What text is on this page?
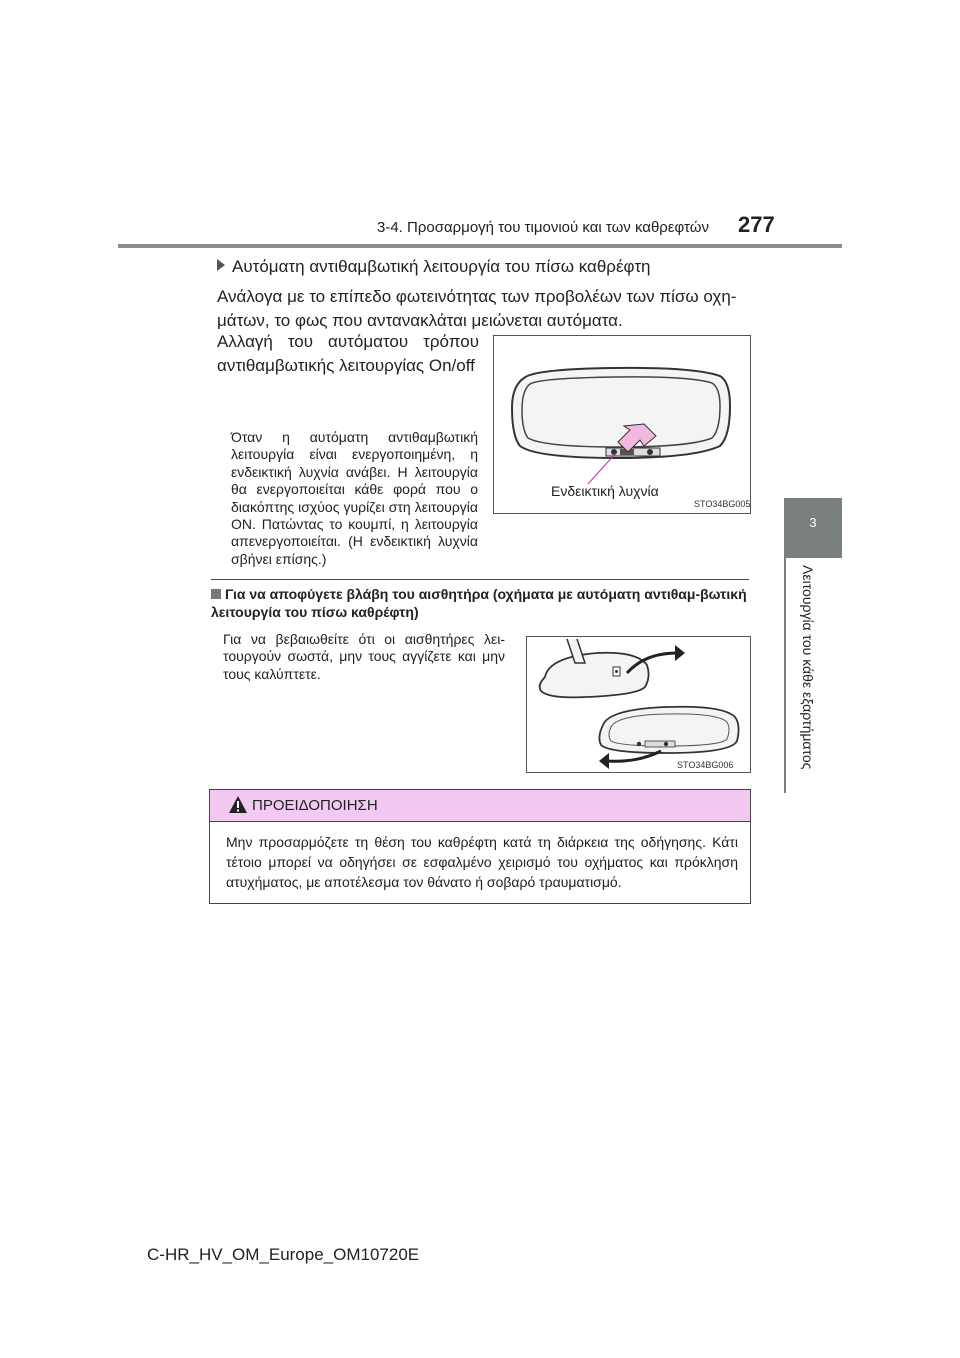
3-4. Προσαρμογή του τιμονιού και των καθρεφτών 277
3
Λειτουργία του κάθε εξαρτήματος
Αυτόματη αντιθαμβωτική λειτουργία του πίσω καθρέφτη
Ανάλογα με το επίπεδο φωτεινότητας των προβολέων των πίσω οχη-μάτων, το φως που αντανακλάται μειώνεται αυτόματα.
Αλλαγή του αυτόματου τρόπου αντιθαμβωτικής λειτουργίας On/off
Όταν η αυτόματη αντιθαμβωτική λειτουργία είναι ενεργοποιημένη, η ενδεικτική λυχνία ανάβει. Η λειτουργία θα ενεργοποιείται κάθε φορά που ο διακόπτης ισχύος γυρίζει στη λειτουργία ON. Πατώντας το κουμπί, η λειτουργία απενεργοποιείται. (Η ενδεικτική λυχνία σβήνει επίσης.)
Ενδεικτική λυχνία
STO34BG005
Για να αποφύγετε βλάβη του αισθητήρα (οχήματα με αυτόματη αντιθαμ-βωτική λειτουργία του πίσω καθρέφτη)
Για να βεβαιωθείτε ότι οι αισθητήρες λει-τουργούν σωστά, μην τους αγγίζετε και μην τους καλύπτετε.
STO34BG006
ΠΡΟΕΙΔΟΠΟΙΗΣΗ
Μην προσαρμόζετε τη θέση του καθρέφτη κατά τη διάρκεια της οδήγησης. Κάτι τέτοιο μπορεί να οδηγήσει σε εσφαλμένο χειρισμό του οχήματος και πρόκληση ατυχήματος, με αποτέλεσμα τον θάνατο ή σοβαρό τραυματισμό.
C-HR_HV_OM_Europe_OM10720E
